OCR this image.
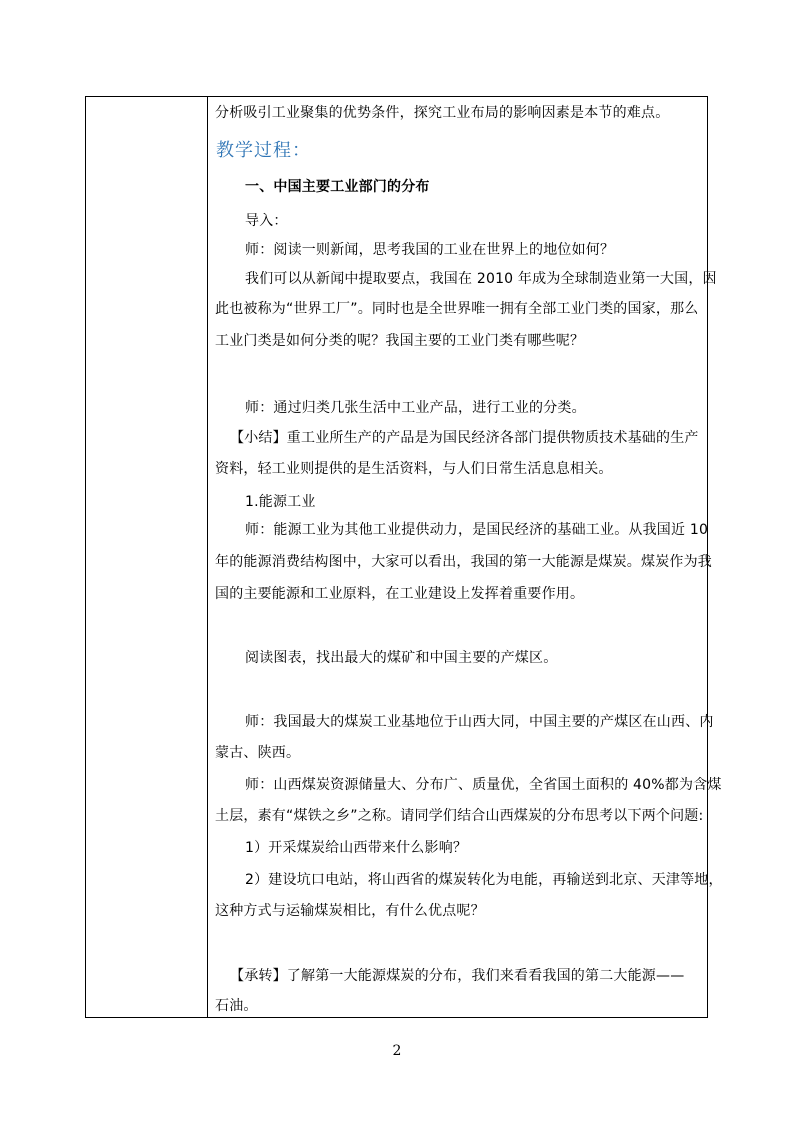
分析吸引工业聚集的优势条件，探究工业布局的影响因素是本节的难点。
教学过程：
一、中国主要工业部门的分布
导入：
师：阅读一则新闻，思考我国的工业在世界上的地位如何？
我们可以从新闻中提取要点，我国在 2010 年成为全球制造业第一大国，因
此也被称为“世界工厂”。同时也是全世界唯一拥有全部工业门类的国家，那么
工业门类是如何分类的呢？我国主要的工业门类有哪些呢？
师：通过归类几张生活中工业产品，进行工业的分类。
【小结】重工业所生产的产品是为国民经济各部门提供物质技术基础的生产
资料，轻工业则提供的是生活资料，与人们日常生活息息相关。
1.能源工业
师：能源工业为其他工业提供动力，是国民经济的基础工业。从我国近 10
年的能源消费结构图中，大家可以看出，我国的第一大能源是煤炭。煤炭作为我
国的主要能源和工业原料，在工业建设上发挥着重要作用。
阅读图表，找出最大的煤矿和中国主要的产煤区。
师：我国最大的煤炭工业基地位于山西大同，中国主要的产煤区在山西、内
蒙古、陕西。
师：山西煤炭资源储量大、分布广、质量优，全省国土面积的 40%都为含煤
土层，素有“煤铁之乡”之称。请同学们结合山西煤炭的分布思考以下两个问题:
1）开采煤炭给山西带来什么影响？
2）建设坑口电站，将山西省的煤炭转化为电能，再输送到北京、天津等地，
这种方式与运输煤炭相比，有什么优点呢？
【承转】了解第一大能源煤炭的分布，我们来看看我国的第二大能源——
石油。
2
